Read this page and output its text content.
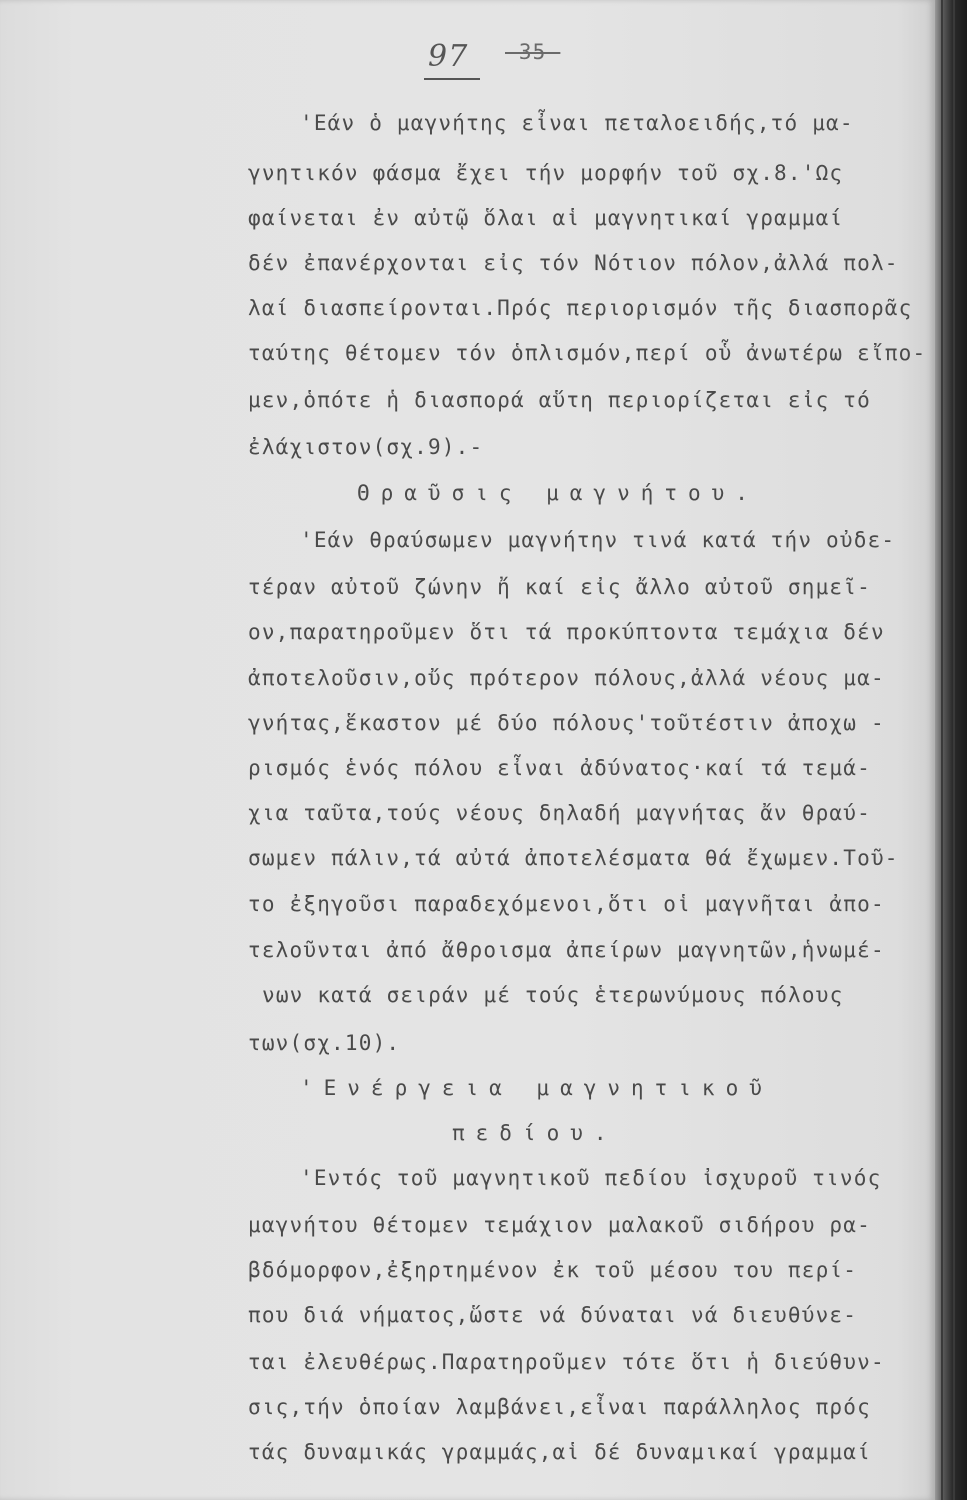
97 -35-
'Εάν ὁ μαγνήτης εἶναι πεταλοειδής,τό μα-
γνητικόν φάσμα ἔχει τήν μορφήν τοῦ σχ.8.'Ως
φαίνεται ἐν αὐτῷ ὅλαι αἱ μαγνητικαί γραμμαί
δέν ἐπανέρχονται εἰς τόν Νότιον πόλον,ἀλλά πολ-
λαί διασπείρονται.Πρός περιορισμόν τῆς διασπορᾶς
ταύτης θέτομεν τόν ὁπλισμόν,περί οὗ ἀνωτέρω εἴπο-
μεν,ὁπότε ἡ διασπορά αὕτη περιορίζεται εἰς τό
ἐλάχιστον(σχ.9).-
Θραῦσις μαγνήτου.
'Εάν θραύσωμεν μαγνήτην τινά κατά τήν οὐδε-
τέραν αὐτοῦ ζώνην ἤ καί εἰς ἄλλο αὐτοῦ σημεῖ-
ον,παρατηροῦμεν ὅτι τά προκύπτοντα τεμάχια δέν
ἀποτελοῦσιν,οὔς πρότερον πόλους,ἀλλά νέους μα-
γνήτας,ἕκαστον μέ δύο πόλους'τοῦτέστιν ἀποχω -
ρισμός ἑνός πόλου εἶναι ἀδύνατος·καί τά τεμά-
χια ταῦτα,τούς νέους δηλαδή μαγνήτας ἄν θραύ-
σωμεν πάλιν,τά αὐτά ἀποτελέσματα θά ἔχωμεν.Τοῦ-
το ἐξηγοῦσι παραδεχόμενοι,ὅτι οἱ μαγνῆται ἀπο-
τελοῦνται ἀπό ἄθροισμα ἀπείρων μαγνητῶν,ἡνωμέ-
νων κατά σειράν μέ τούς ἑτερωνύμους πόλους
των(σχ.10).
'Ενέργεια μαγνητικοῦ
πεδίου.
'Εντός τοῦ μαγνητικοῦ πεδίου ἰσχυροῦ τινός
μαγνήτου θέτομεν τεμάχιον μαλακοῦ σιδήρου ρα-
βδόμορφον,ἐξηρτημένον ἐκ τοῦ μέσου του περί-
που διά νήματος,ὥστε νά δύναται νά διευθύνε-
ται ἐλευθέρως.Παρατηροῦμεν τότε ὅτι ἡ διεύθυν-
σις,τήν ὁποίαν λαμβάνει,εἶναι παράλληλος πρός
τάς δυναμικάς γραμμάς,αἱ δέ δυναμικαί γραμμαί
